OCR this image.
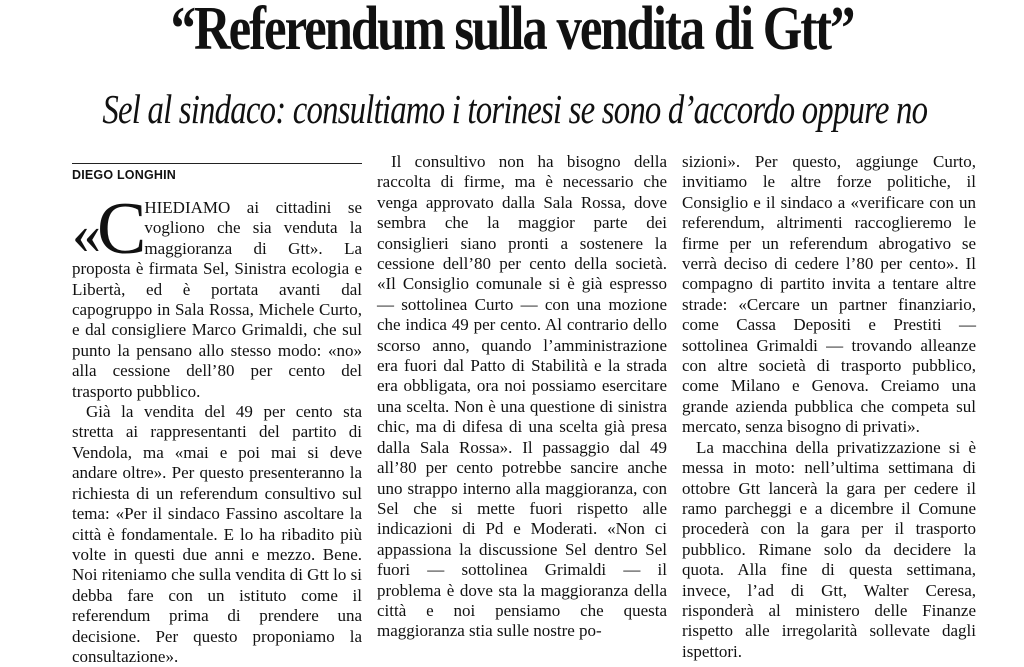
“Referendum sulla vendita di Gtt”
Sel al sindaco: consultiamo i torinesi se sono d’accordo oppure no
DIEGO LONGHIN
«C HIEDIAMO ai cittadini se vogliono che sia venduta la maggioranza di Gtt». La proposta è firmata Sel, Sinistra ecologia e Libertà, ed è portata avanti dal capogruppo in Sala Rossa, Michele Curto, e dal consigliere Marco Grimaldi, che sul punto la pensano allo stesso modo: «no» alla cessione dell’80 per cento del trasporto pubblico.

Già la vendita del 49 per cento sta stretta ai rappresentanti del partito di Vendola, ma «mai e poi mai si deve andare oltre». Per questo presenteranno la richiesta di un referendum consultivo sul tema: «Per il sindaco Fassino ascoltare la città è fondamentale. E lo ha ribadito più volte in questi due anni e mezzo. Bene. Noi riteniamo che sulla vendita di Gtt lo si debba fare con un istituto come il referendum prima di prendere una decisione. Per questo proponiamo la consultazione».

Il consultivo non ha bisogno della raccolta di firme, ma è necessario che venga approvato dalla Sala Rossa, dove sembra che la maggior parte dei consiglieri siano pronti a sostenere la cessione dell’80 per cento della società. «Il Consiglio comunale si è già espresso — sottolinea Curto — con una mozione che indica 49 per cento. Al contrario dello scorso anno, quando l’amministrazione era fuori dal Patto di Stabilità e la strada era obbligata, ora noi possiamo esercitare una scelta. Non è una questione di sinistra chic, ma di difesa di una scelta già presa dalla Sala Rossa». Il passaggio dal 49 all’80 per cento potrebbe sancire anche uno strappo interno alla maggioranza, con Sel che si mette fuori rispetto alle indicazioni di Pd e Moderati. «Non ci appassiona la discussione Sel dentro Sel fuori — sottolinea Grimaldi — il problema è dove sta la maggioranza della città e noi pensiamo che questa maggioranza stia sulle nostre po-

sizioni». Per questo, aggiunge Curto, invitiamo le altre forze politiche, il Consiglio e il sindaco a «verificare con un referendum, altrimenti raccoglieremo le firme per un referendum abrogativo se verrà deciso di cedere l’80 per cento». Il compagno di partito invita a tentare altre strade: «Cercare un partner finanziario, come Cassa Depositi e Prestiti — sottolinea Grimaldi — trovando alleanze con altre società di trasporto pubblico, come Milano e Genova. Creiamo una grande azienda pubblica che competa sul mercato, senza bisogno di privati».

La macchina della privatizzazione si è messa in moto: nell’ultima settimana di ottobre Gtt lancerà la gara per cedere il ramo parcheggi e a dicembre il Comune procederà con la gara per il trasporto pubblico. Rimane solo da decidere la quota. Alla fine di questa settimana, invece, l’ad di Gtt, Walter Ceresa, risponderà al ministero delle Finanze rispetto alle irregolarità sollevate dagli ispettori.
